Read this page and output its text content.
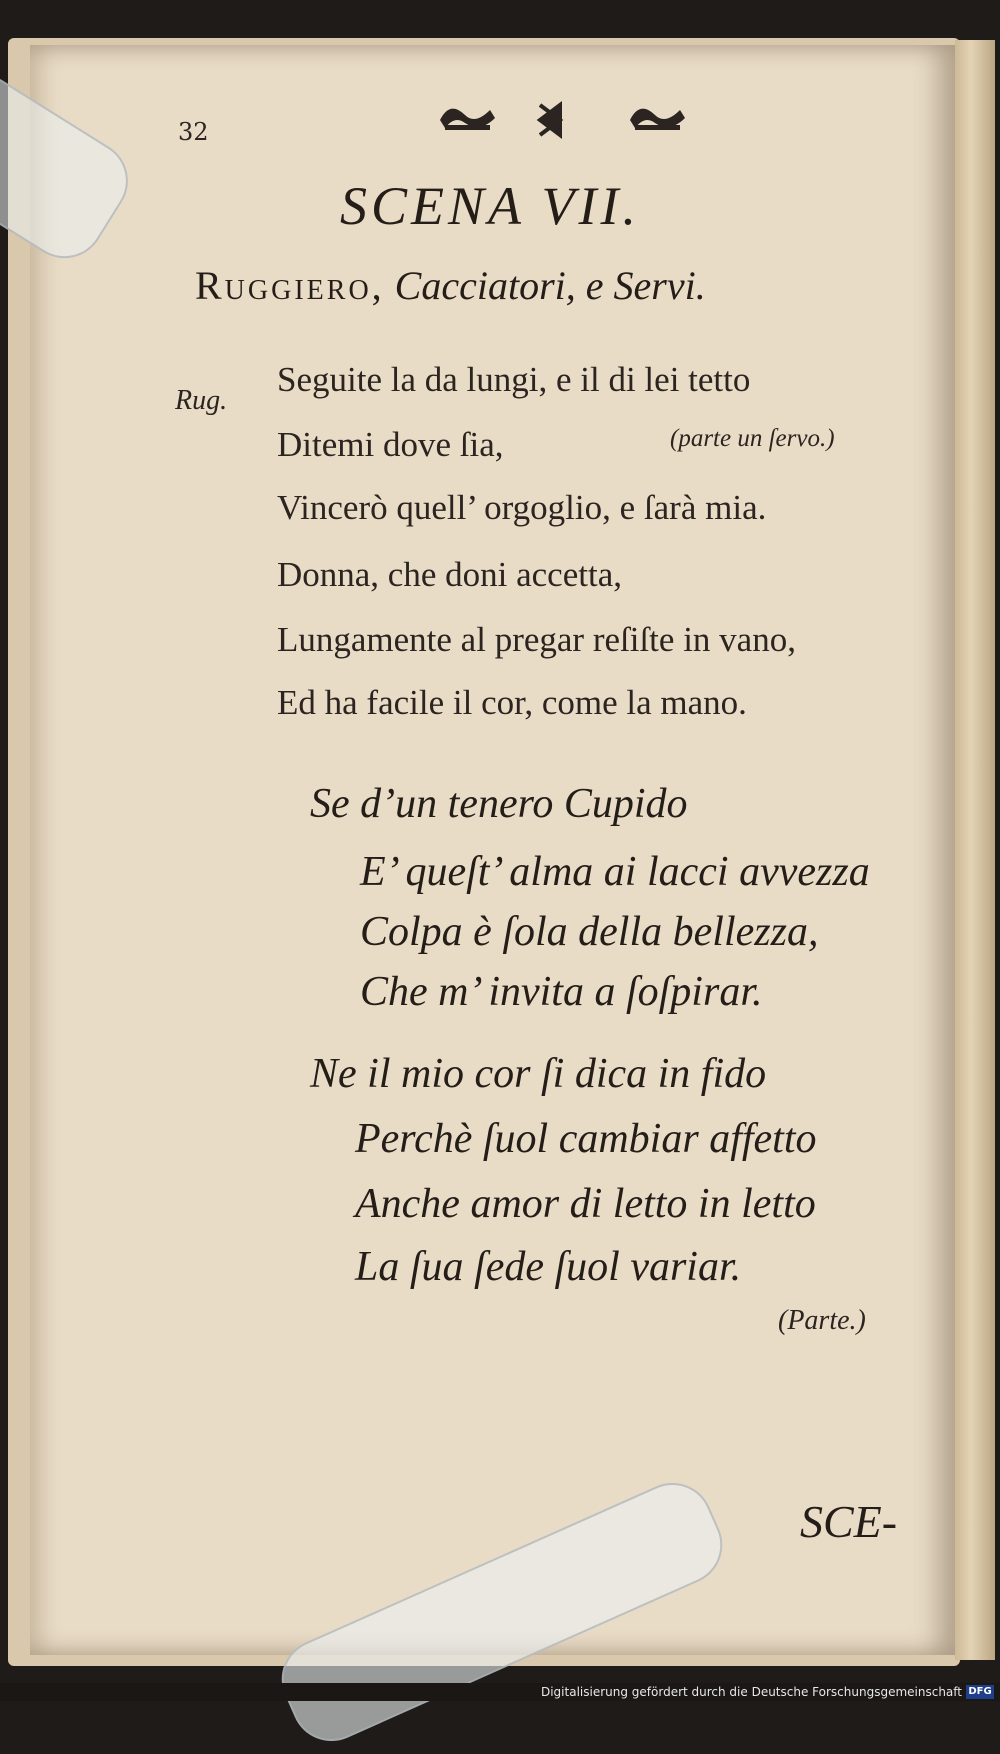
32
SCENA VII.
Ruggiero, Cacciatori, e Servi.
Rug.
Seguite la da lungi, e il di lei tetto
Ditemi dove ſia,
Vincerò quell’ orgoglio, e ſarà mia.
Donna, che doni accetta,
Lungamente al pregar reſiſte in vano,
Ed ha facile il cor, come la mano.
(parte un ſervo.)
Se d’un tenero Cupido
E’ queſt’ alma ai lacci avvezza
Colpa è ſola della bellezza,
Che m’ invita a ſoſpirar.
Ne il mio cor ſi dica in fido
Perchè ſuol cambiar affetto
Anche amor di letto in letto
La ſua ſede ſuol variar.
(Parte.)
SCE-
Digitalisierung gefördert durch die Deutsche Forschungsgemeinschaft DFG
